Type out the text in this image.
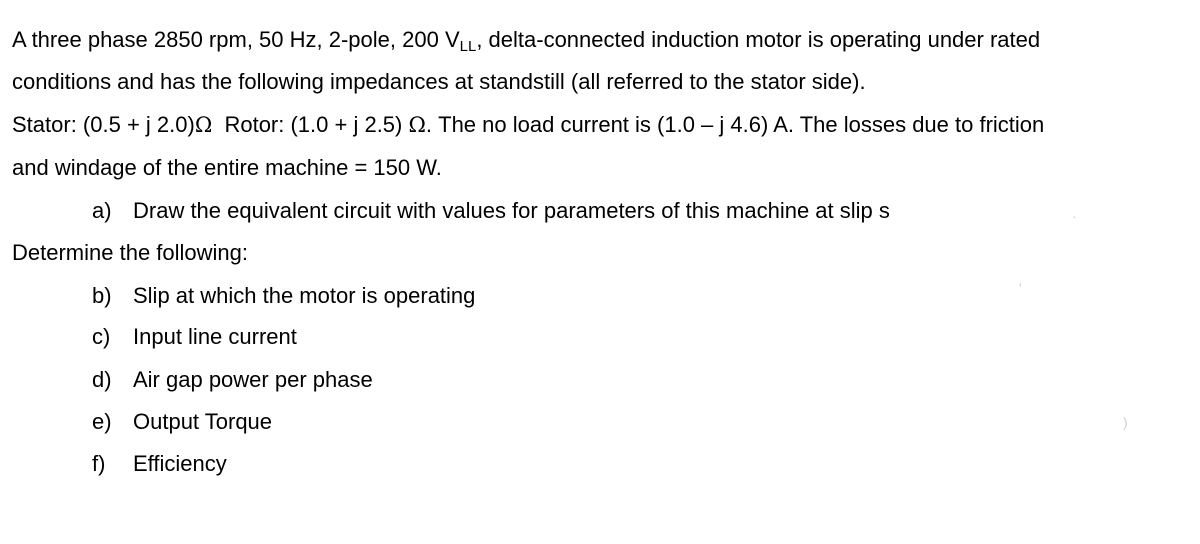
A three phase 2850 rpm, 50 Hz, 2-pole, 200 $V_{LL}$, delta-connected induction motor is operating under rated
conditions and has the following impedances at standstill (all referred to the stator side).
Stator: (0.5 + j 2.0)Ω  Rotor: (1.0 + j 2.5) Ω. The no load current is (1.0 – j 4.6) A. The losses due to friction
and windage of the entire machine = 150 W.
a) Draw the equivalent circuit with values for parameters of this machine at slip s
Determine the following:
b) Slip at which the motor is operating
c) Input line current
d) Air gap power per phase
e) Output Torque
f) Efficiency
·
'
)
